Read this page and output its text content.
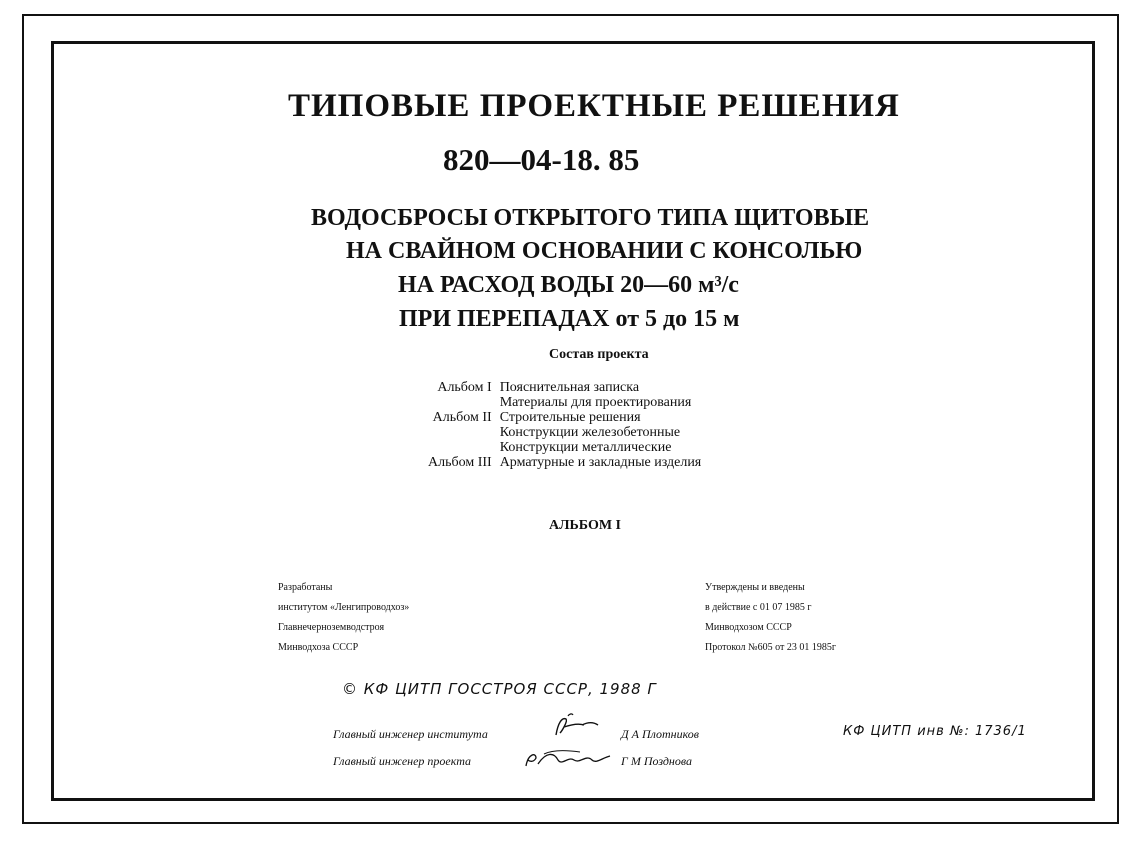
ТИПОВЫЕ ПРОЕКТНЫЕ РЕШЕНИЯ
820—04-18. 85
ВОДОСБРОСЫ ОТКРЫТОГО ТИПА ЩИТОВЫЕ
НА СВАЙНОМ ОСНОВАНИИ С КОНСОЛЬЮ
НА РАСХОД ВОДЫ 20—60 м³/с
ПРИ ПЕРЕПАДАХ от 5 до 15 м
Состав проекта
Альбом I	Пояснительная записка
	Материалы для проектирования
Альбом II	Строительные решения
	Конструкции железобетонные
	Конструкции металлические
Альбом III	Арматурные и закладные изделия
АЛЬБОМ I
Разработаны
институтом «Ленгипроводхоз»
Главнечерноземводстроя
Минводхоза СССР
Утверждены и введены
в действие с 01 07 1985 г
Минводхозом СССР
Протокол №605 от 23 01 1985г
© КФ ЦИТП ГОССТРОЯ СССР, 1988 Г
КФ ЦИТП инв №: 1736/1
Главный инженер института	Д А Плотников
Главный инженер проекта	Г М Позднова
